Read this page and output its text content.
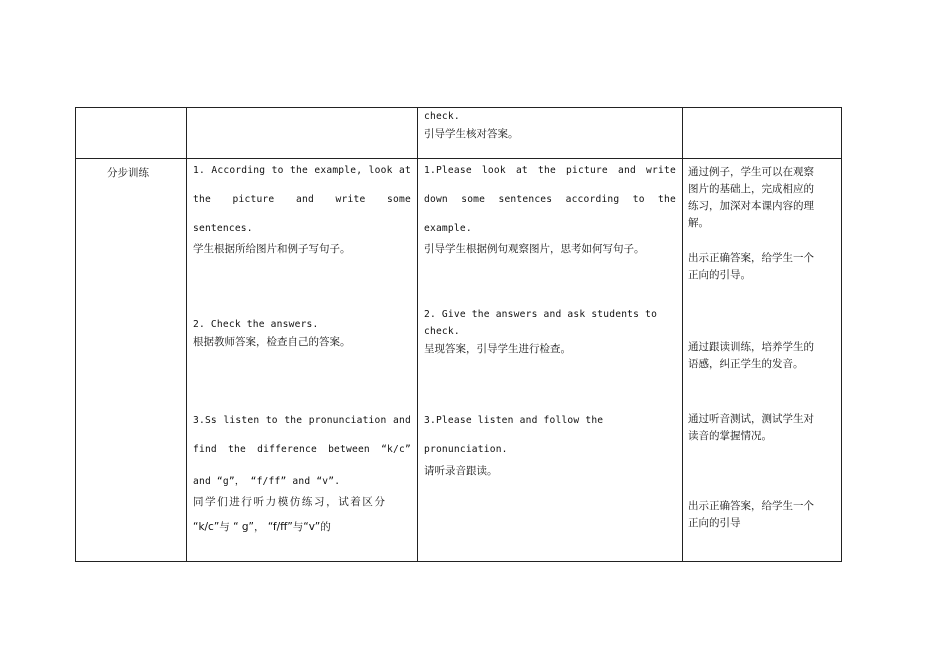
check.
引导学生核对答案。
分步训练	1. According to the example, look at
the picture and write some
sentences.
学生根据所给图片和例子写句子。
2. Check the answers.
根据教师答案，检查自己的答案。
3.Ss listen to the pronunciation and
find the difference between “k/c”
and “g”， “f/ff” and “v”.
同学们进行听力模仿练习，试着区分
“k/c”与 “ g”， “f/ff”与“v”的
1.Please look at the picture and write
down some sentences according to the
example.
引导学生根据例句观察图片，思考如何写句子。
2. Give the answers and ask students to
check.
呈现答案，引导学生进行检查。
3.Please listen and follow the
pronunciation.
请听录音跟读。
通过例子，学生可以在观察
图片的基础上，完成相应的
练习，加深对本课内容的理
解。
出示正确答案，给学生一个
正向的引导。
通过跟读训练，培养学生的
语感，纠正学生的发音。
通过听音测试，测试学生对
读音的掌握情况。
出示正确答案，给学生一个
正向的引导
